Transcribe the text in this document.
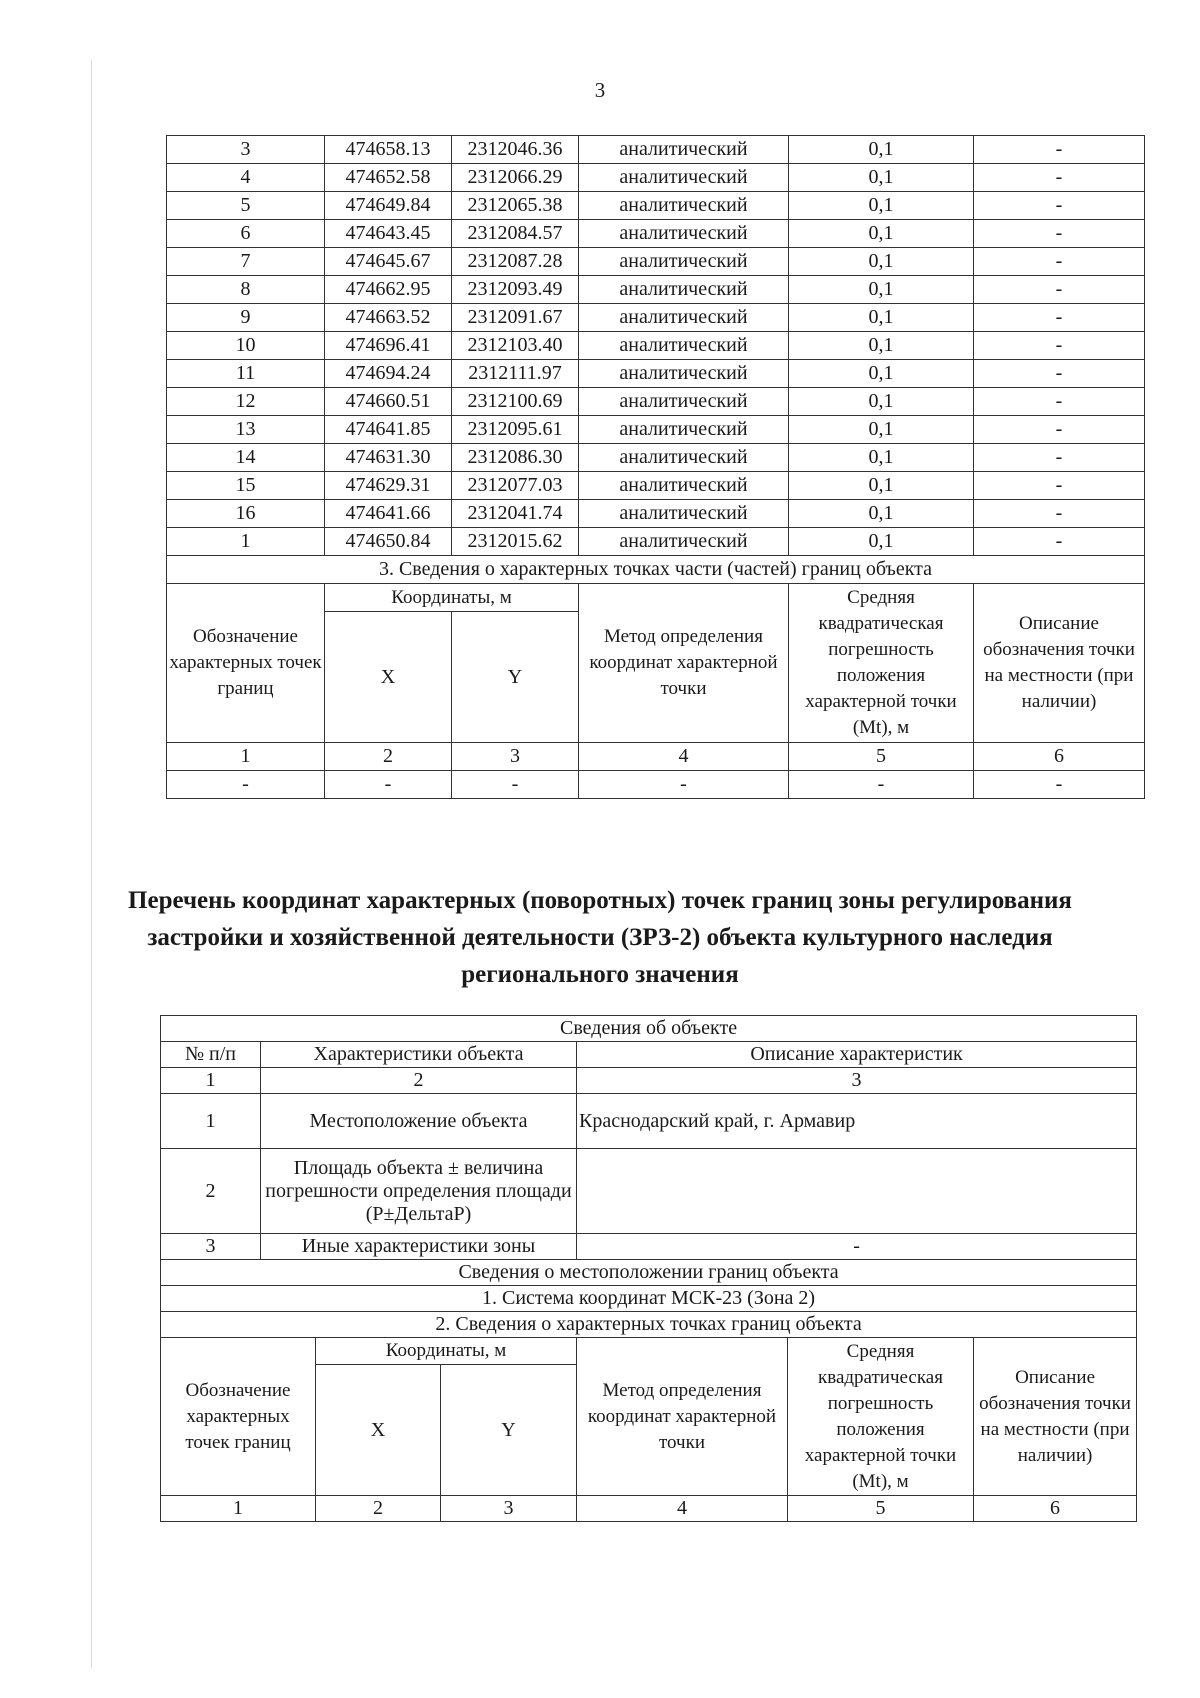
3
3	474658.13	2312046.36	аналитический	0,1	-
4	474652.58	2312066.29	аналитический	0,1	-
5	474649.84	2312065.38	аналитический	0,1	-
6	474643.45	2312084.57	аналитический	0,1	-
7	474645.67	2312087.28	аналитический	0,1	-
8	474662.95	2312093.49	аналитический	0,1	-
9	474663.52	2312091.67	аналитический	0,1	-
10	474696.41	2312103.40	аналитический	0,1	-
11	474694.24	2312111.97	аналитический	0,1	-
12	474660.51	2312100.69	аналитический	0,1	-
13	474641.85	2312095.61	аналитический	0,1	-
14	474631.30	2312086.30	аналитический	0,1	-
15	474629.31	2312077.03	аналитический	0,1	-
16	474641.66	2312041.74	аналитический	0,1	-
1	474650.84	2312015.62	аналитический	0,1	-
3. Сведения о характерных точках части (частей) границ объекта					
Обозначение характерных точек границ	Координаты, м		Метод определения координат характерной точки	Средняя квадратическая погрешность положения характерной точки (Mt), м	Описание обозначения точки на местности (при наличии)
	X	Y			
1	2	3	4	5	6
-	-	-	-	-	-
Перечень координат характерных (поворотных) точек границ зоны регулирования застройки и хозяйственной деятельности (ЗРЗ-2) объекта культурного наследия регионального значения
Сведения об объекте						
№ п/п	Характеристики объекта			Описание характеристик		
1	2			3		
1	Местоположение объекта			Краснодарский край, г. Армавир		
2	Площадь объекта ± величина погрешности определения площади (Р±ДельтаР)					
3	Иные характеристики зоны			-		
Сведения о местоположении границ объекта						
1. Система координат МСК-23 (Зона 2)						
2. Сведения о характерных точках границ объекта						
Обозначение характерных точек границ		Координаты, м		Метод определения координат характерной точки	Средняя квадратическая погрешность положения характерной точки (Mt), м	Описание обозначения точки на местности (при наличии)
		X	Y			
1		2	3	4	5	6
